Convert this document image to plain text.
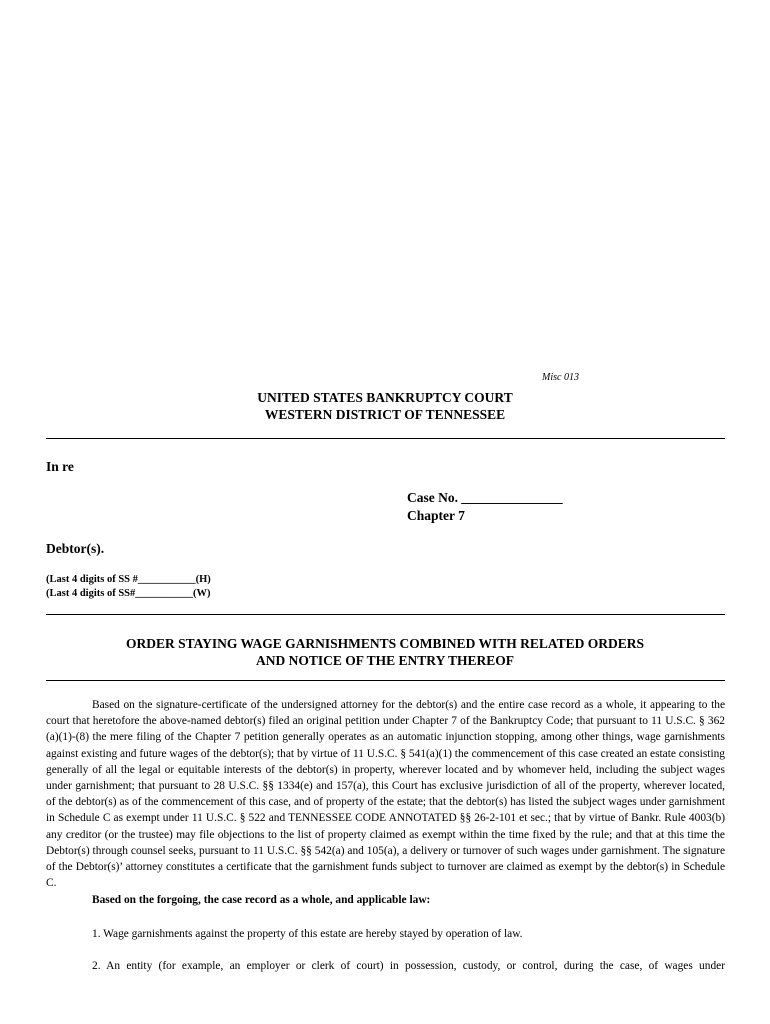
Misc 013
UNITED STATES BANKRUPTCY COURT
WESTERN DISTRICT OF TENNESSEE
In re
Case No. _______________
Chapter 7
Debtor(s).
(Last 4 digits of SS #___________(H)
(Last 4 digits of SS#___________(W)
ORDER STAYING WAGE GARNISHMENTS COMBINED WITH RELATED ORDERS
AND NOTICE OF THE ENTRY THEREOF

Based on the signature-certificate of the undersigned attorney for the debtor(s) and the entire case record as a whole, it appearing to the court that heretofore the above-named debtor(s) filed an original petition under Chapter 7 of the Bankruptcy Code; that pursuant to 11 U.S.C. § 362 (a)(1)-(8) the mere filing of the Chapter 7 petition generally operates as an automatic injunction stopping, among other things, wage garnishments against existing and future wages of the debtor(s); that by virtue of 11 U.S.C. § 541(a)(1) the commencement of this case created an estate consisting generally of all the legal or equitable interests of the debtor(s) in property, wherever located and by whomever held, including the subject wages under garnishment; that pursuant to 28 U.S.C. §§ 1334(e) and 157(a), this Court has exclusive jurisdiction of all of the property, wherever located, of the debtor(s) as of the commencement of this case, and of property of the estate; that the debtor(s) has listed the subject wages under garnishment in Schedule C as exempt under 11 U.S.C. § 522 and TENNESSEE CODE ANNOTATED §§ 26-2-101 et sec.; that by virtue of Bankr. Rule 4003(b) any creditor (or the trustee) may file objections to the list of property claimed as exempt within the time fixed by the rule; and that at this time the Debtor(s) through counsel seeks, pursuant to 11 U.S.C. §§ 542(a) and 105(a), a delivery or turnover of such wages under garnishment. The signature of the Debtor(s)’ attorney constitutes a certificate that the garnishment funds subject to turnover are claimed as exempt by the debtor(s) in Schedule C.

Based on the forgoing, the case record as a whole, and applicable law:
1. Wage garnishments against the property of this estate are hereby stayed by operation of law.
2. An entity (for example, an employer or clerk of court) in possession, custody, or control, during the case, of wages under
